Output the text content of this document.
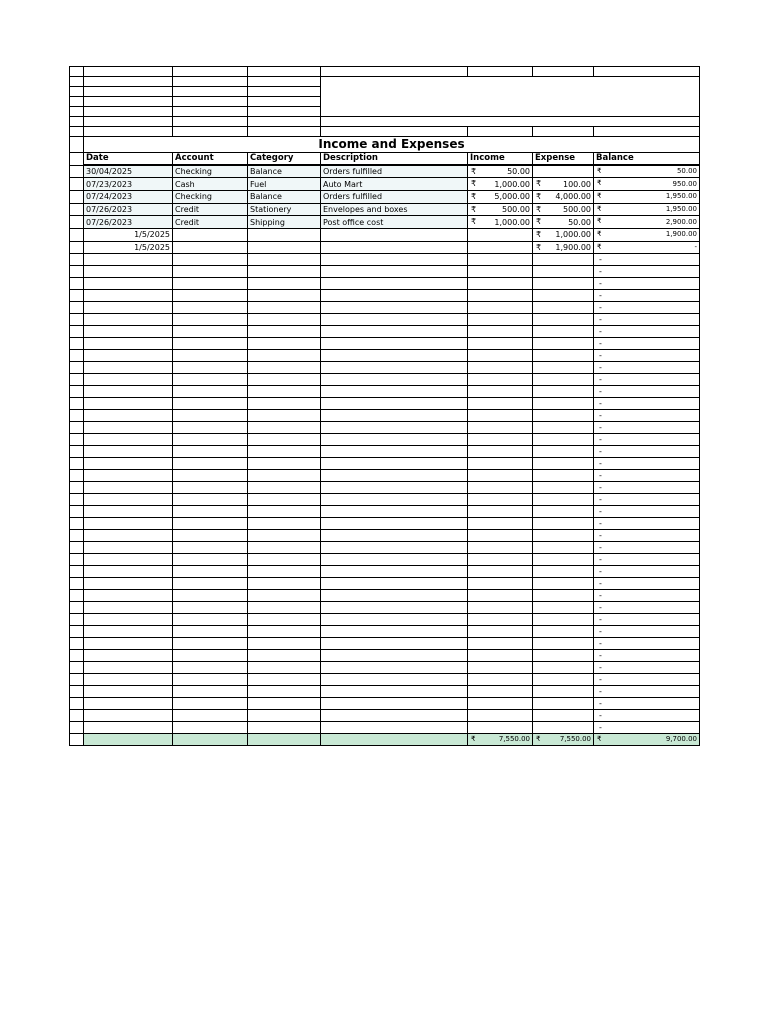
	Income and Expenses						
	Date	Account	Category	Description	Income	Expense	Balance
	30/04/2025	Checking	Balance	Orders fulfilled	₹ 50.00		₹ 50.00
	07/23/2023	Cash	Fuel	Auto Mart	₹ 1,000.00	₹ 100.00	₹ 950.00
	07/24/2023	Checking	Balance	Orders fulfilled	₹ 5,000.00	₹ 4,000.00	₹ 1,950.00
	07/26/2023	Credit	Stationery	Envelopes and boxes	₹ 500.00	₹ 500.00	₹ 1,950.00
	07/26/2023	Credit	Shipping	Post office cost	₹ 1,000.00	₹ 50.00	₹ 2,900.00
	1/5/2025					₹ 1,000.00	₹ 1,900.00
	1/5/2025					₹ 1,900.00	₹ -
							-
							-
							-
							-
							-
							-
							-
							-
							-
							-
							-
							-
							-
							-
							-
							-
							-
							-
							-
							-
							-
							-
							-
							-
							-
							-
							-
							-
							-
							-
							-
							-
							-
							-
							-
							-
							-
							-
							-
							-

					₹ 7,550.00	₹ 7,550.00	₹ 9,700.00
